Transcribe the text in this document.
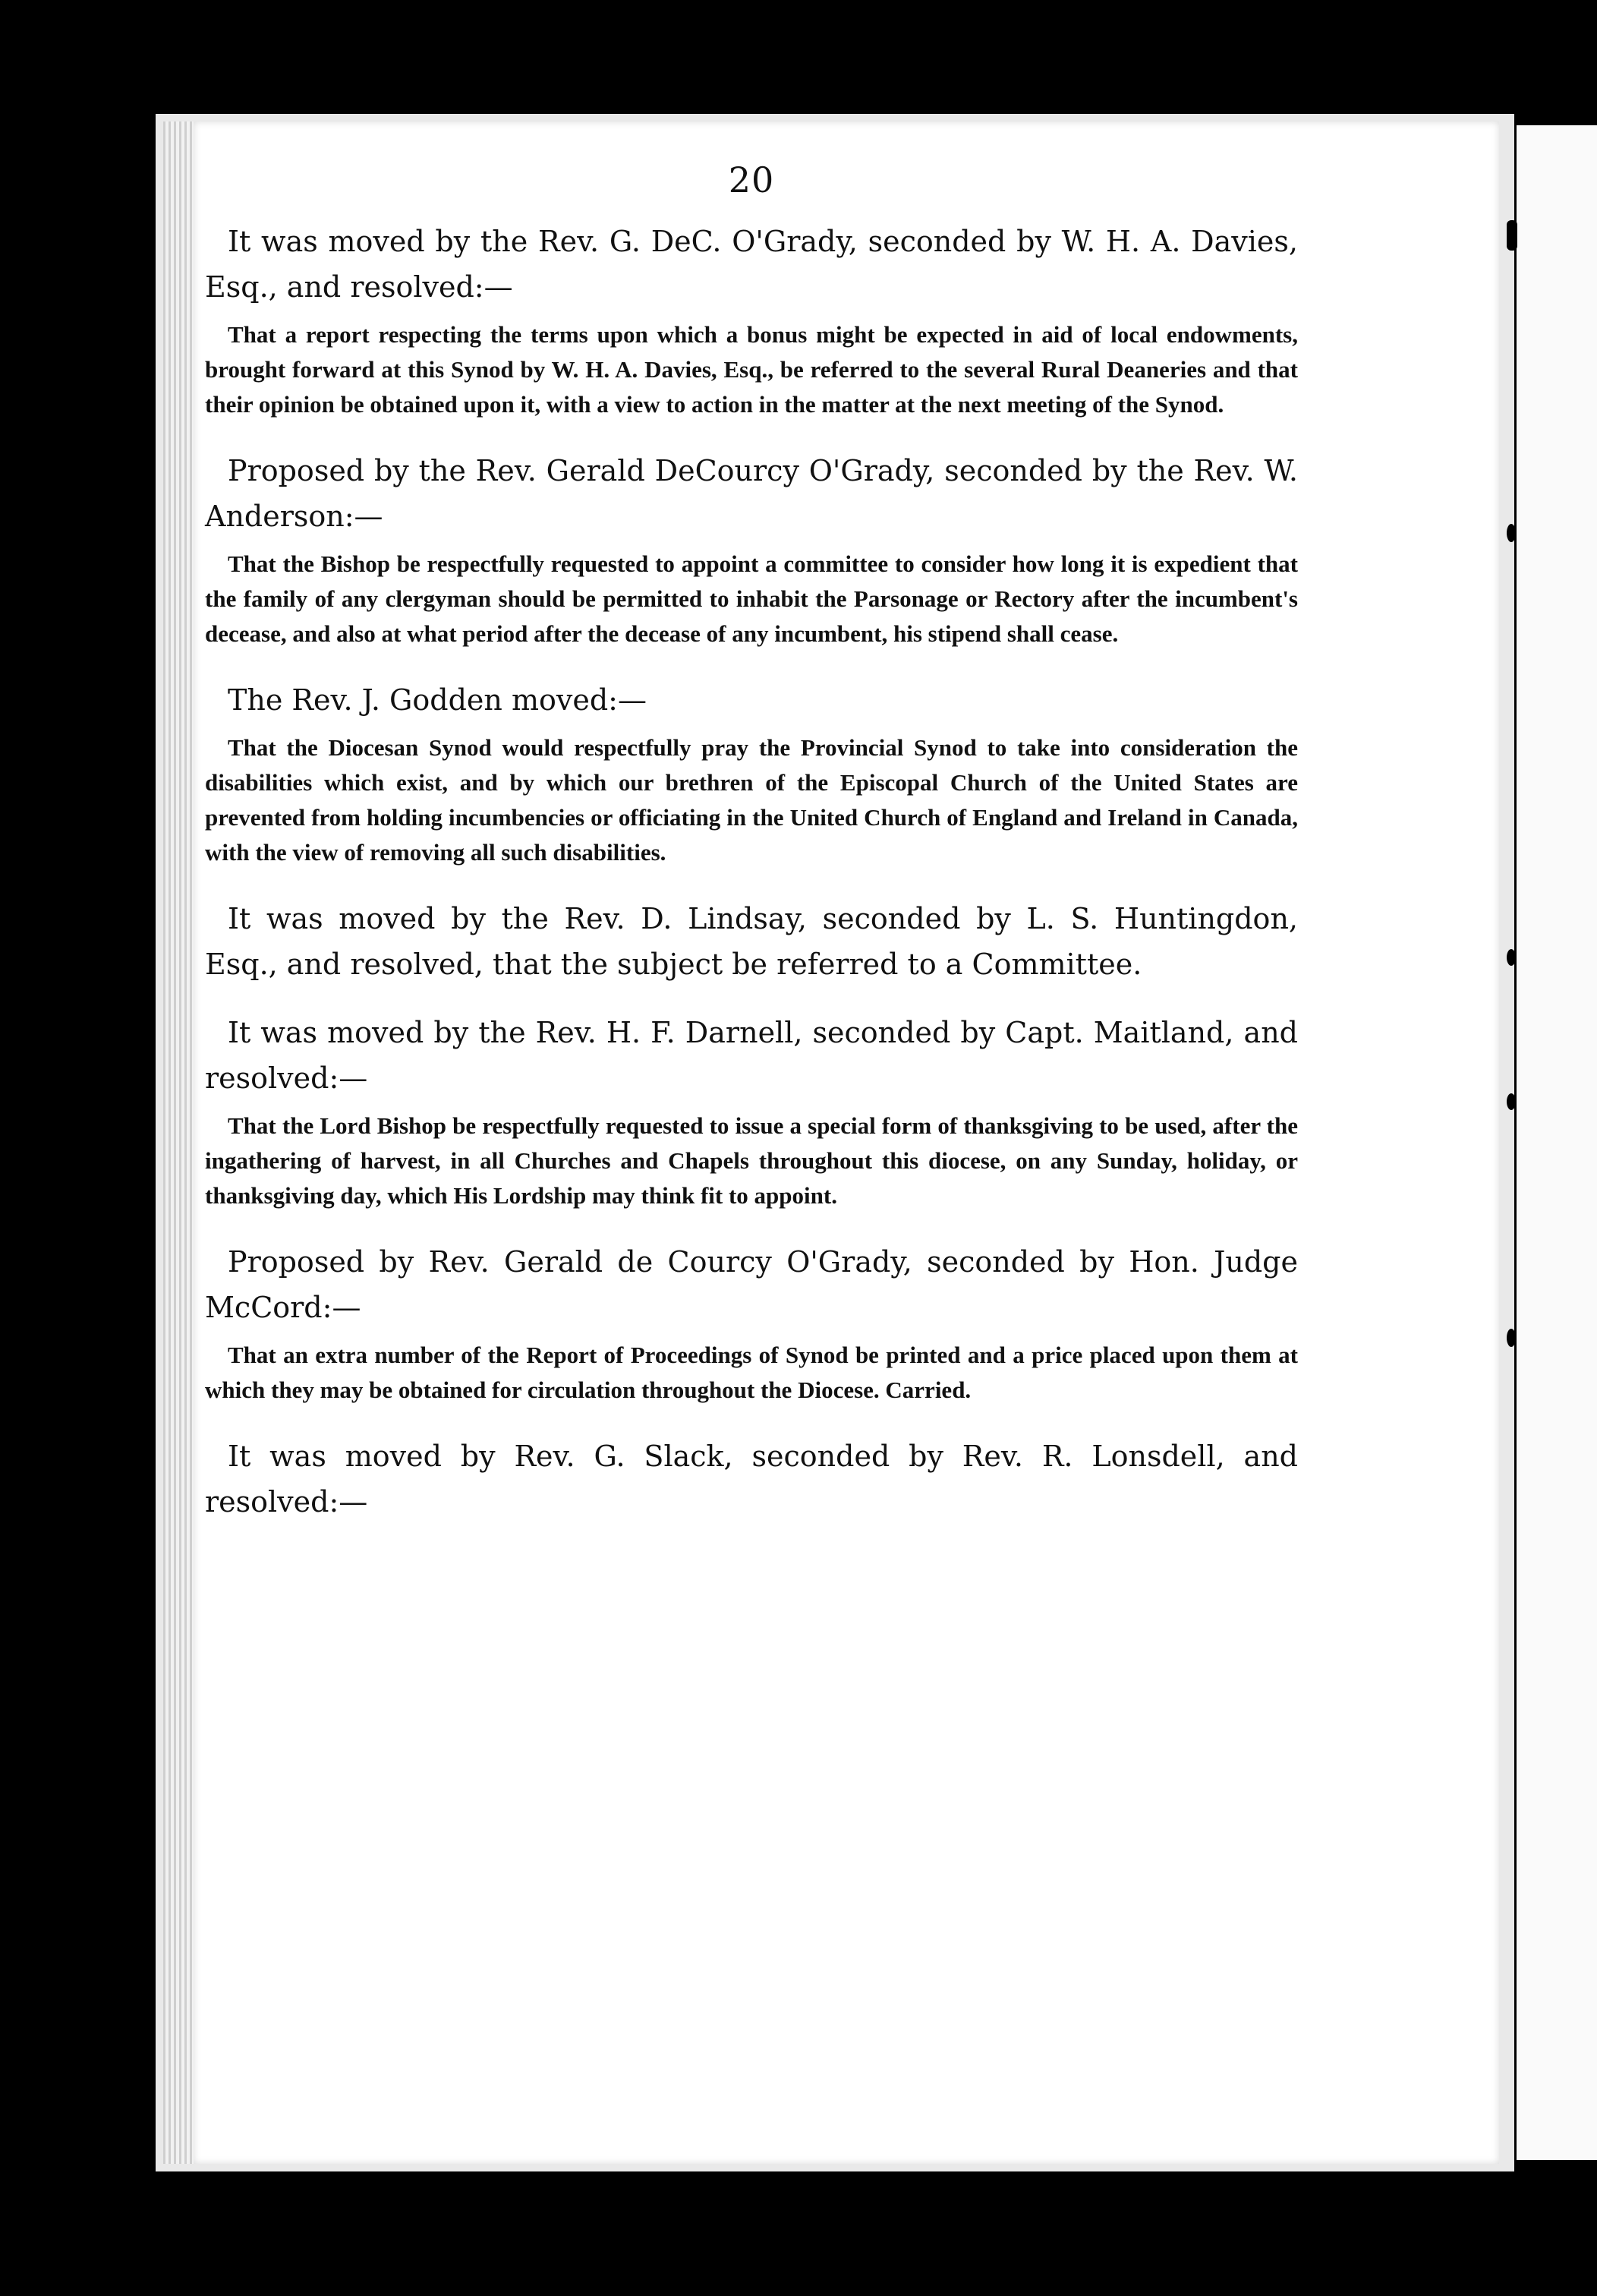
20

It was moved by the Rev. G. DeC. O'Grady, seconded by W. H. A. Davies, Esq., and resolved:—

That a report respecting the terms upon which a bonus might be expected in aid of local endowments, brought forward at this Synod by W. H. A. Davies, Esq., be referred to the several Rural Deaneries and that their opinion be obtained upon it, with a view to action in the matter at the next meeting of the Synod.

Proposed by the Rev. Gerald DeCourcy O'Grady, seconded by the Rev. W. Anderson:—

That the Bishop be respectfully requested to appoint a committee to consider how long it is expedient that the family of any clergyman should be permitted to inhabit the Parsonage or Rectory after the incumbent's decease, and also at what period after the decease of any incumbent, his stipend shall cease.

The Rev. J. Godden moved:—

That the Diocesan Synod would respectfully pray the Provincial Synod to take into consideration the disabilities which exist, and by which our brethren of the Episcopal Church of the United States are prevented from holding incumbencies or officiating in the United Church of England and Ireland in Canada, with the view of removing all such disabilities.

It was moved by the Rev. D. Lindsay, seconded by L. S. Huntingdon, Esq., and resolved, that the subject be referred to a Committee.

It was moved by the Rev. H. F. Darnell, seconded by Capt. Maitland, and resolved:—

That the Lord Bishop be respectfully requested to issue a special form of thanksgiving to be used, after the ingathering of harvest, in all Churches and Chapels throughout this diocese, on any Sunday, holiday, or thanksgiving day, which His Lordship may think fit to appoint.

Proposed by Rev. Gerald de Courcy O'Grady, seconded by Hon. Judge McCord:—

That an extra number of the Report of Proceedings of Synod be printed and a price placed upon them at which they may be obtained for circulation throughout the Diocese. Carried.

It was moved by Rev. G. Slack, seconded by Rev. R. Lonsdell, and resolved:—
